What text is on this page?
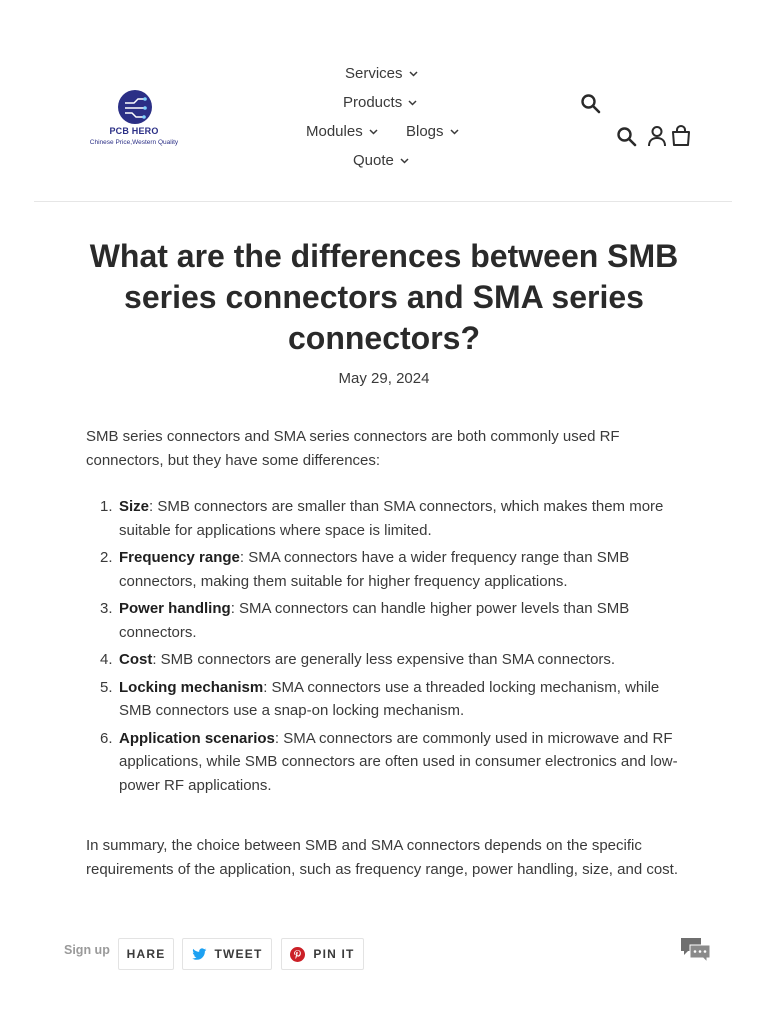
PCB HERO
Chinese Price,Western Quality
Services
Products
Modules	Blogs
Quote
What are the differences between SMB series connectors and SMA series connectors?
May 29, 2024

SMB series connectors and SMA series connectors are both commonly used RF connectors, but they have some differences:

1. Size: SMB connectors are smaller than SMA connectors, which makes them more suitable for applications where space is limited.
2. Frequency range: SMA connectors have a wider frequency range than SMB connectors, making them suitable for higher frequency applications.
3. Power handling: SMA connectors can handle higher power levels than SMB connectors.
4. Cost: SMB connectors are generally less expensive than SMA connectors.
5. Locking mechanism: SMA connectors use a threaded locking mechanism, while SMB connectors use a snap-on locking mechanism.
6. Application scenarios: SMA connectors are commonly used in microwave and RF applications, while SMB connectors are often used in consumer electronics and low-power RF applications.

In summary, the choice between SMB and SMA connectors depends on the specific requirements of the application, such as frequency range, power handling, size, and cost.

HARE	TWEET	PIN IT
Sign up
